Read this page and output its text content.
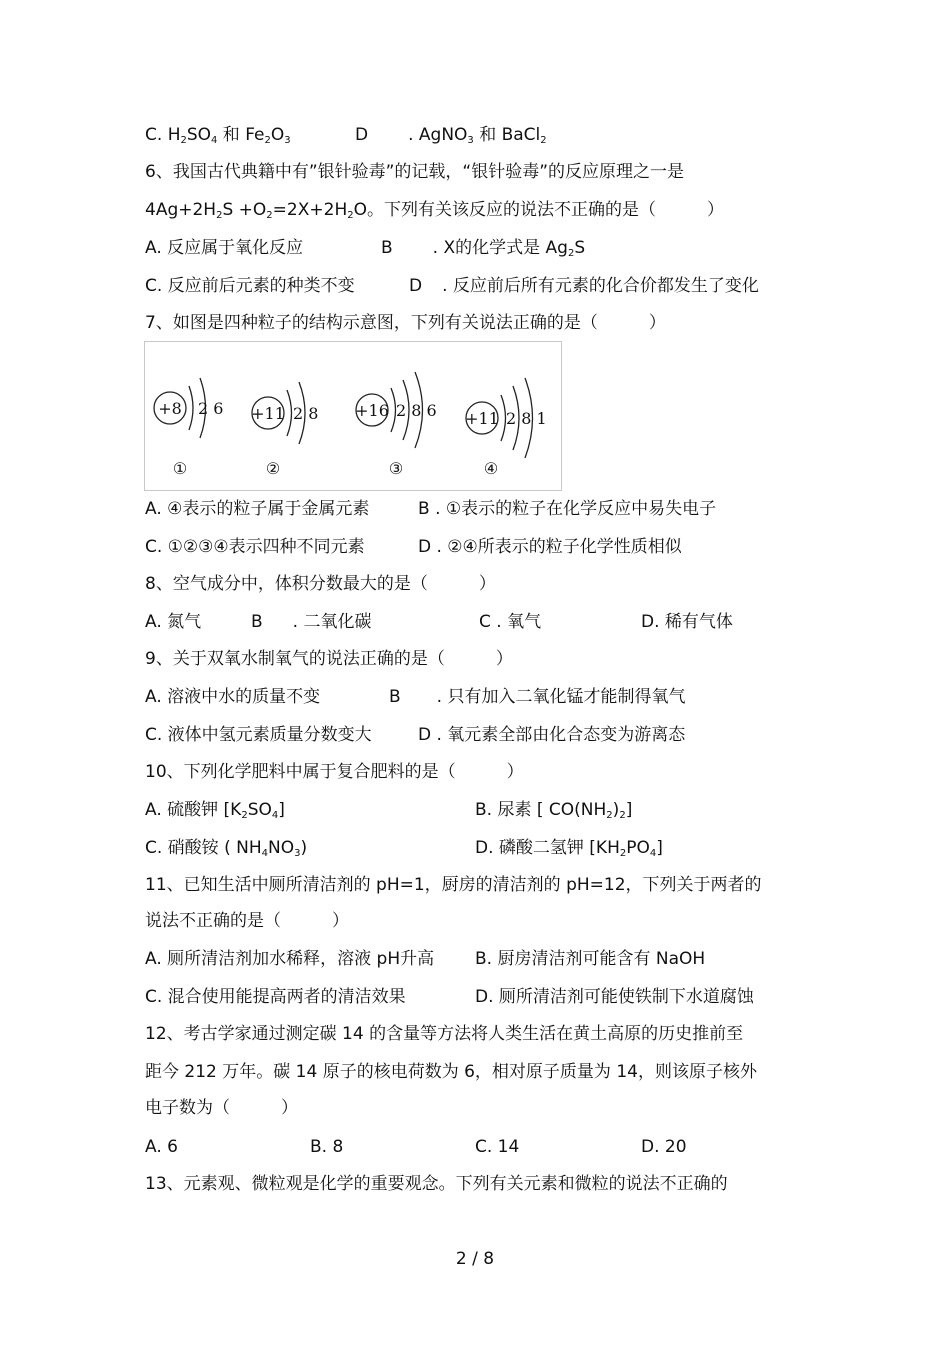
C. $H_2SO_4$ 和 $Fe_2O_3$	D . AgNO$_3$ 和 BaCl$_2$
6、我国古代典籍中有”银针验毒”的记载，“银针验毒”的反应原理之一是
$4Ag+2H_2S +O_2=2X+2H_2O$。下列有关该反应的说法不正确的是（　　　）
A. 反应属于氧化反应	B . X的化学式是 $Ag_2S$
C. 反应前后元素的种类不变	D . 反应前后所有元素的化合价都发生了变化
7、如图是四种粒子的结构示意图，下列有关说法正确的是（　　　）
+8 2 6
①
+11 2 8
②
+16 2 8 6
③
+11 2 8 1
④
A. ④表示的粒子属于金属元素	B . ①表示的粒子在化学反应中易失电子
C. ①②③④表示四种不同元素	D . ②④所表示的粒子化学性质相似
8、空气成分中，体积分数最大的是（　　　）
A. 氮气	B . 二氧化碳	C . 氧气	D. 稀有气体
9、关于双氧水制氧气的说法正确的是（　　　）
A. 溶液中水的质量不变	B . 只有加入二氧化锰才能制得氧气
C. 液体中氢元素质量分数变大	D . 氧元素全部由化合态变为游离态
10、下列化学肥料中属于复合肥料的是（　　　）
A. 硫酸钾 $[K_2SO_4]$	B. 尿素 [ $CO(NH_2)_2$]
C. 硝酸铵 ( $NH_4NO_3$)	D. 磷酸二氢钾 $[KH_2PO_4]$
11、已知生活中厕所清洁剂的 pH=1，厨房的清洁剂的 pH=12，下列关于两者的
说法不正确的是（　　　）
A. 厕所清洁剂加水稀释，溶液 pH升高 B. 厨房清洁剂可能含有 NaOH
C. 混合使用能提高两者的清洁效果	D. 厕所清洁剂可能使铁制下水道腐蚀
12、考古学家通过测定碳 14 的含量等方法将人类生活在黄土高原的历史推前至
距今 212 万年。碳 14 原子的核电荷数为 6，相对原子质量为 14，则该原子核外
电子数为（　　　）
A. 6	B. 8	C. 14	D. 20
13、元素观、微粒观是化学的重要观念。下列有关元素和微粒的说法不正确的
2 / 8
